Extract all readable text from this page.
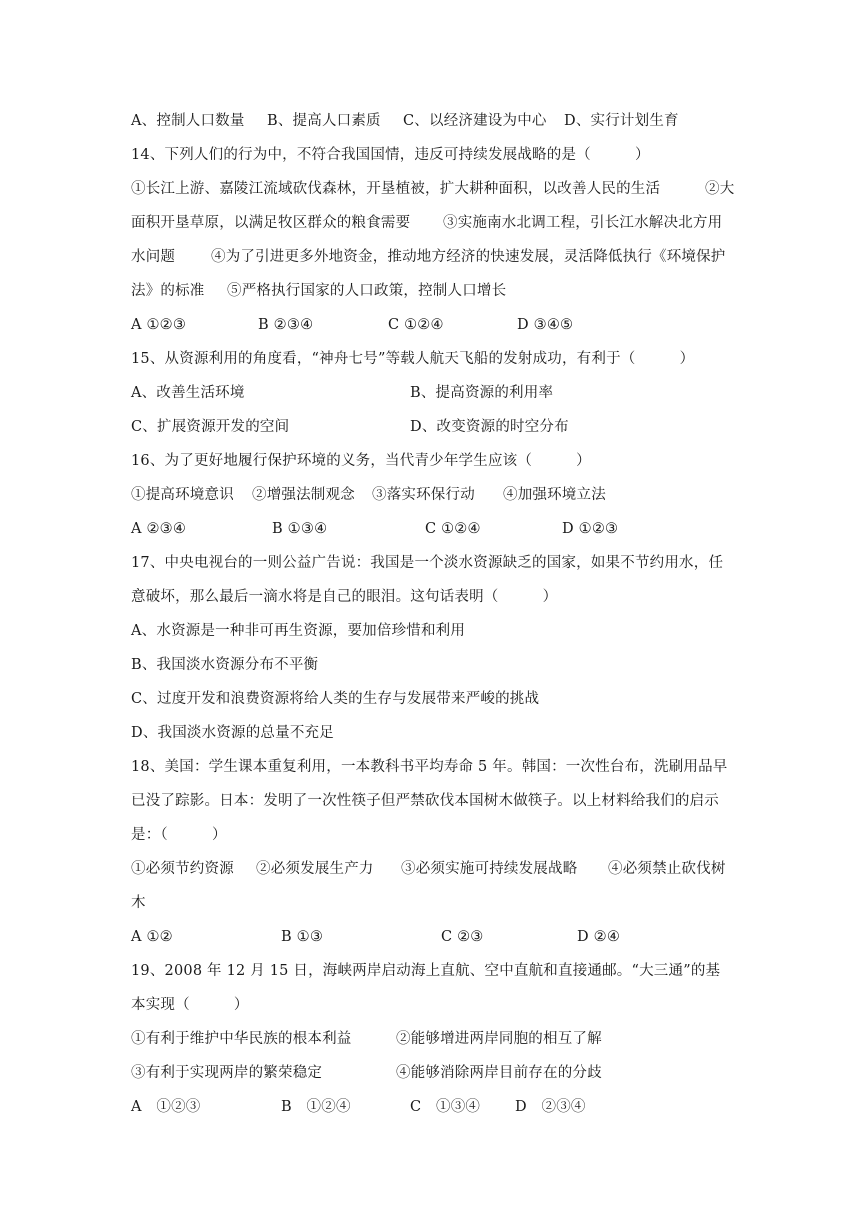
A、控制人口数量 B、提高人口素质 C、以经济建设为中心 D、实行计划生育
14、下列人们的行为中，不符合我国国情，违反可持续发展战略的是（　　　）
①长江上游、嘉陵江流域砍伐森林，开垦植被，扩大耕种面积，以改善人民的生活	②大
面积开垦草原，以满足牧区群众的粮食需要 ③实施南水北调工程，引长江水解决北方用
水问题 ④为了引进更多外地资金，推动地方经济的快速发展，灵活降低执行《环境保护
法》的标准 ⑤严格执行国家的人口政策，控制人口增长
A ①②③	B ②③④	C ①②④	D ③④⑤
15、从资源利用的角度看，“神舟七号”等载人航天飞船的发射成功，有利于（　　　）
A、改善生活环境	B、提高资源的利用率
C、扩展资源开发的空间	D、改变资源的时空分布
16、为了更好地履行保护环境的义务，当代青少年学生应该（　　　）
①提高环境意识 ②增强法制观念 ③落实环保行动 ④加强环境立法
A ②③④	B ①③④	C ①②④	D ①②③
17、中央电视台的一则公益广告说：我国是一个淡水资源缺乏的国家，如果不节约用水，任
意破坏，那么最后一滴水将是自己的眼泪。这句话表明（　　　）
A、水资源是一种非可再生资源，要加倍珍惜和利用
B、我国淡水资源分布不平衡
C、过度开发和浪费资源将给人类的生存与发展带来严峻的挑战
D、我国淡水资源的总量不充足
18、美国：学生课本重复利用，一本教科书平均寿命 5 年。韩国：一次性台布，洗刷用品早
已没了踪影。日本：发明了一次性筷子但严禁砍伐本国树木做筷子。以上材料给我们的启示
是：（　　　）
①必须节约资源 ②必须发展生产力 ③必须实施可持续发展战略 ④必须禁止砍伐树
木
A ①②	B ①③	C ②③	D ②④
19、2008 年 12 月 15 日，海峡两岸启动海上直航、空中直航和直接通邮。“大三通”的基
本实现（　　　）
①有利于维护中华民族的根本利益	②能够增进两岸同胞的相互了解
③有利于实现两岸的繁荣稳定	④能够消除两岸目前存在的分歧
A　①②③	B　①②④	C　①③④ D　②③④
